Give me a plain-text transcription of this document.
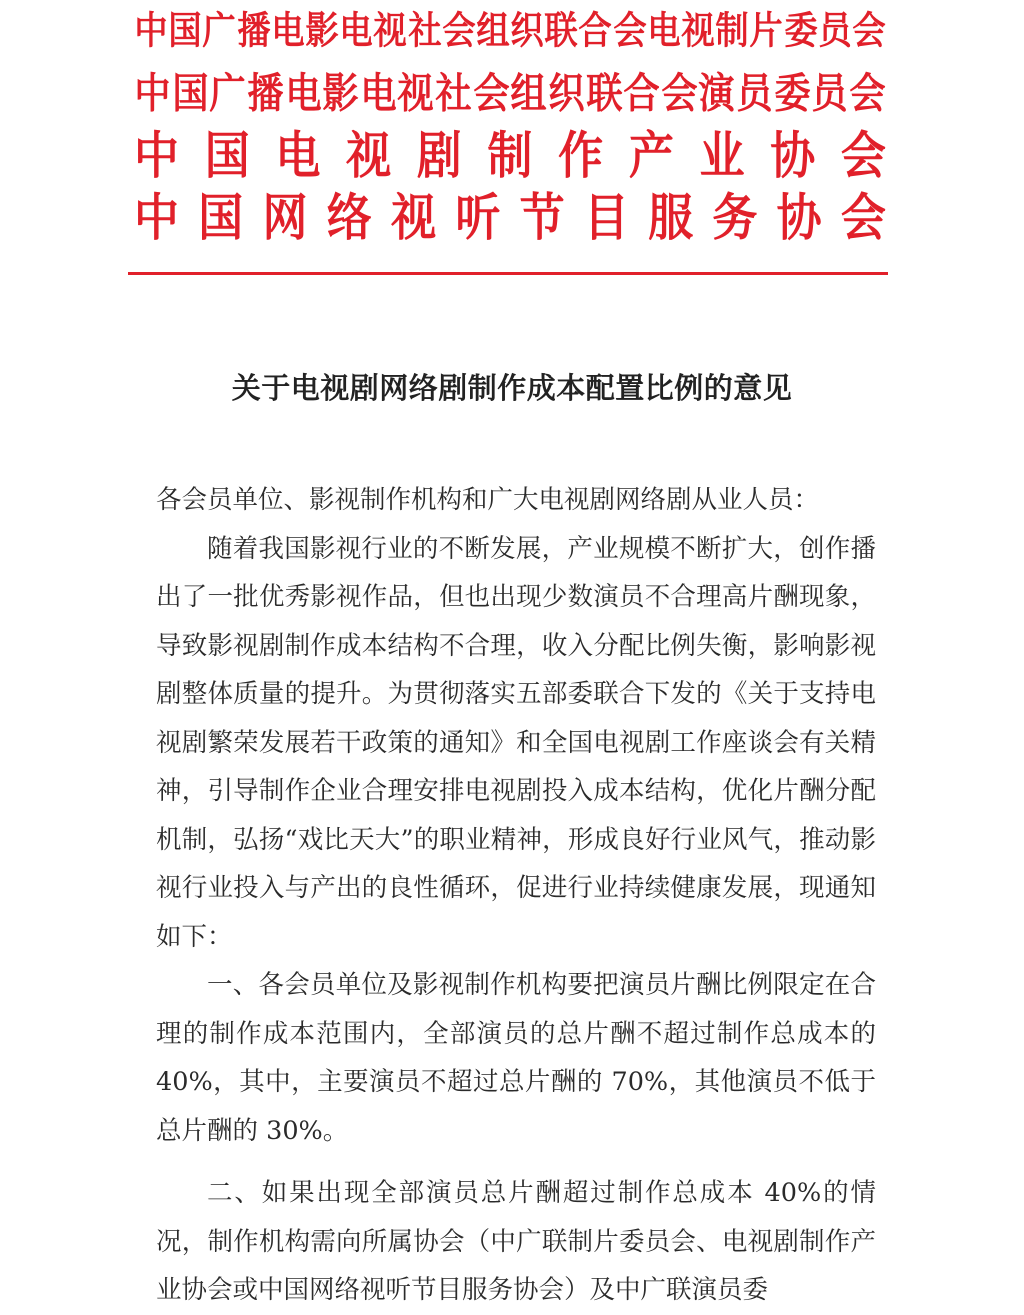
中 国 广 播 电 影 电 视 社 会 组 织 联 合 会 电 视 制 片 委 员 会
中 国 广 播 电 影 电 视 社 会 组 织 联 合 会 演 员 委 员 会
中 国 电 视 剧 制 作 产 业 协 会
中 国 网 络 视 听 节 目 服 务 协 会
关于电视剧网络剧制作成本配置比例的意见

各会员单位、影视制作机构和广大电视剧网络剧从业人员：

随着我国影视行业的不断发展，产业规模不断扩大，创作播出了一批优秀影视作品，但也出现少数演员不合理高片酬现象，导致影视剧制作成本结构不合理，收入分配比例失衡，影响影视剧整体质量的提升。为贯彻落实五部委联合下发的《关于支持电视剧繁荣发展若干政策的通知》和全国电视剧工作座谈会有关精神，引导制作企业合理安排电视剧投入成本结构，优化片酬分配机制，弘扬“戏比天大”的职业精神，形成良好行业风气，推动影视行业投入与产出的良性循环，促进行业持续健康发展，现通知如下：

一、各会员单位及影视制作机构要把演员片酬比例限定在合理的制作成本范围内，全部演员的总片酬不超过制作总成本的 40%，其中，主要演员不超过总片酬的 70%，其他演员不低于总片酬的 30%。

二、如果出现全部演员总片酬超过制作总成本 40%的情况，制作机构需向所属协会（中广联制片委员会、电视剧制作产业协会或中国网络视听节目服务协会）及中广联演员委
